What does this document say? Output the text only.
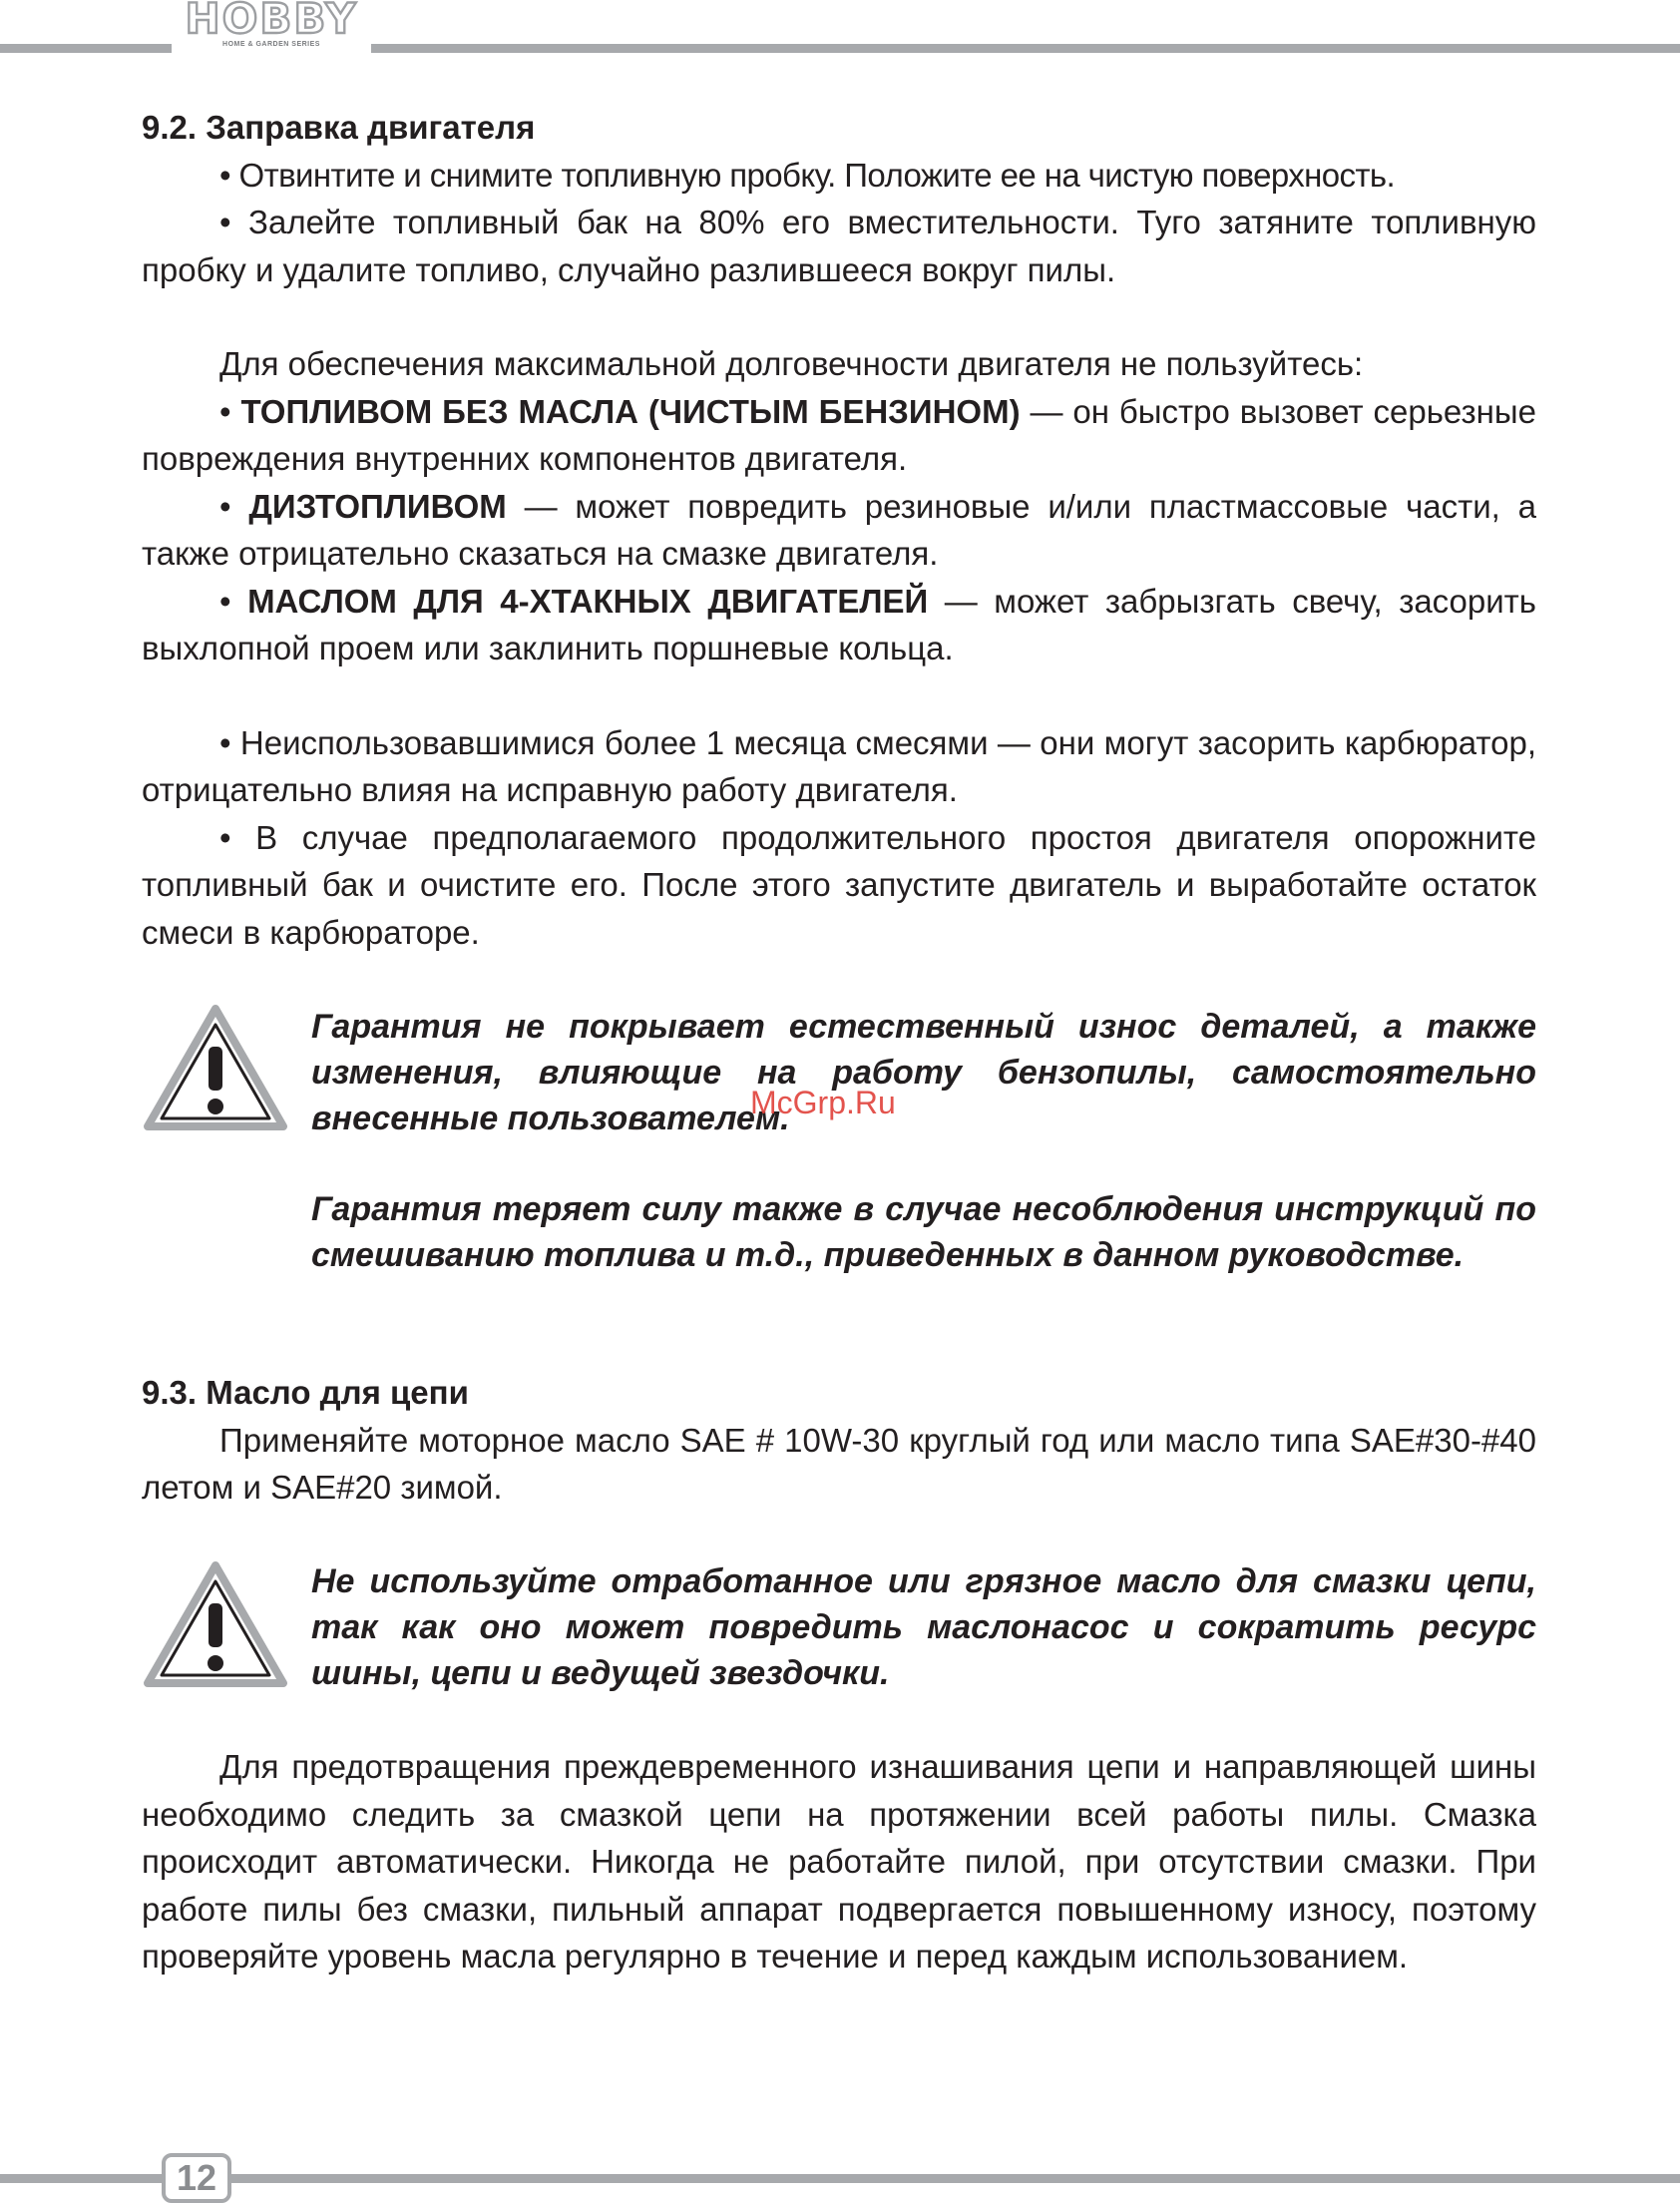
HOBBY
HOME & GARDEN SERIES

9.2. Заправка двигателя

• Отвинтите и снимите топливную пробку. Положите ее на чистую поверхность.

• Залейте топливный бак на 80% его вместительности. Туго затяните топливную пробку и удалите топливо, случайно разлившееся вокруг пилы.

Для обеспечения максимальной долговечности двигателя не пользуйтесь:

• ТОПЛИВОМ БЕЗ МАСЛА (ЧИСТЫМ БЕНЗИНОМ) — он быстро вызовет серьезные повреждения внутренних компонентов двигателя.

• ДИЗТОПЛИВОМ — может повредить резиновые и/или пластмассовые части, а также отрицательно сказаться на смазке двигателя.

• МАСЛОМ ДЛЯ 4-ХТАКНЫХ ДВИГАТЕЛЕЙ — может забрызгать свечу, засорить выхлопной проем или заклинить поршневые кольца.

• Неиспользовавшимися более 1 месяца смесями — они могут засорить карбюратор, отрицательно влияя на исправную работу двигателя.

• В случае предполагаемого продолжительного простоя двигателя опорожните топливный бак и очистите его. После этого запустите двигатель и выработайте остаток смеси в карбюраторе.

Гарантия не покрывает естественный износ деталей, а также изменения, влияющие на работу бензопилы, самостоятельно внесенные пользователем.

Гарантия теряет силу также в случае несоблюдения инструкций по смешиванию топлива и т.д., приведенных в данном руководстве.

McGrp.Ru

9.3. Масло для цепи

Применяйте моторное масло SAE # 10W-30 круглый год или масло типа SAE#30-#40 летом и SAE#20 зимой.

Не используйте отработанное или грязное масло для смазки цепи, так как оно может повредить маслонасос и сократить ресурс шины, цепи и ведущей звездочки.

Для предотвращения преждевременного изнашивания цепи и направляющей шины необходимо следить за смазкой цепи на протяжении всей работы пилы. Смазка происходит автоматически. Никогда не работайте пилой, при отсутствии смазки. При работе пилы без смазки, пильный аппарат подвергается повышенному износу, поэтому проверяйте уровень масла регулярно в течение и перед каждым использованием.

12
